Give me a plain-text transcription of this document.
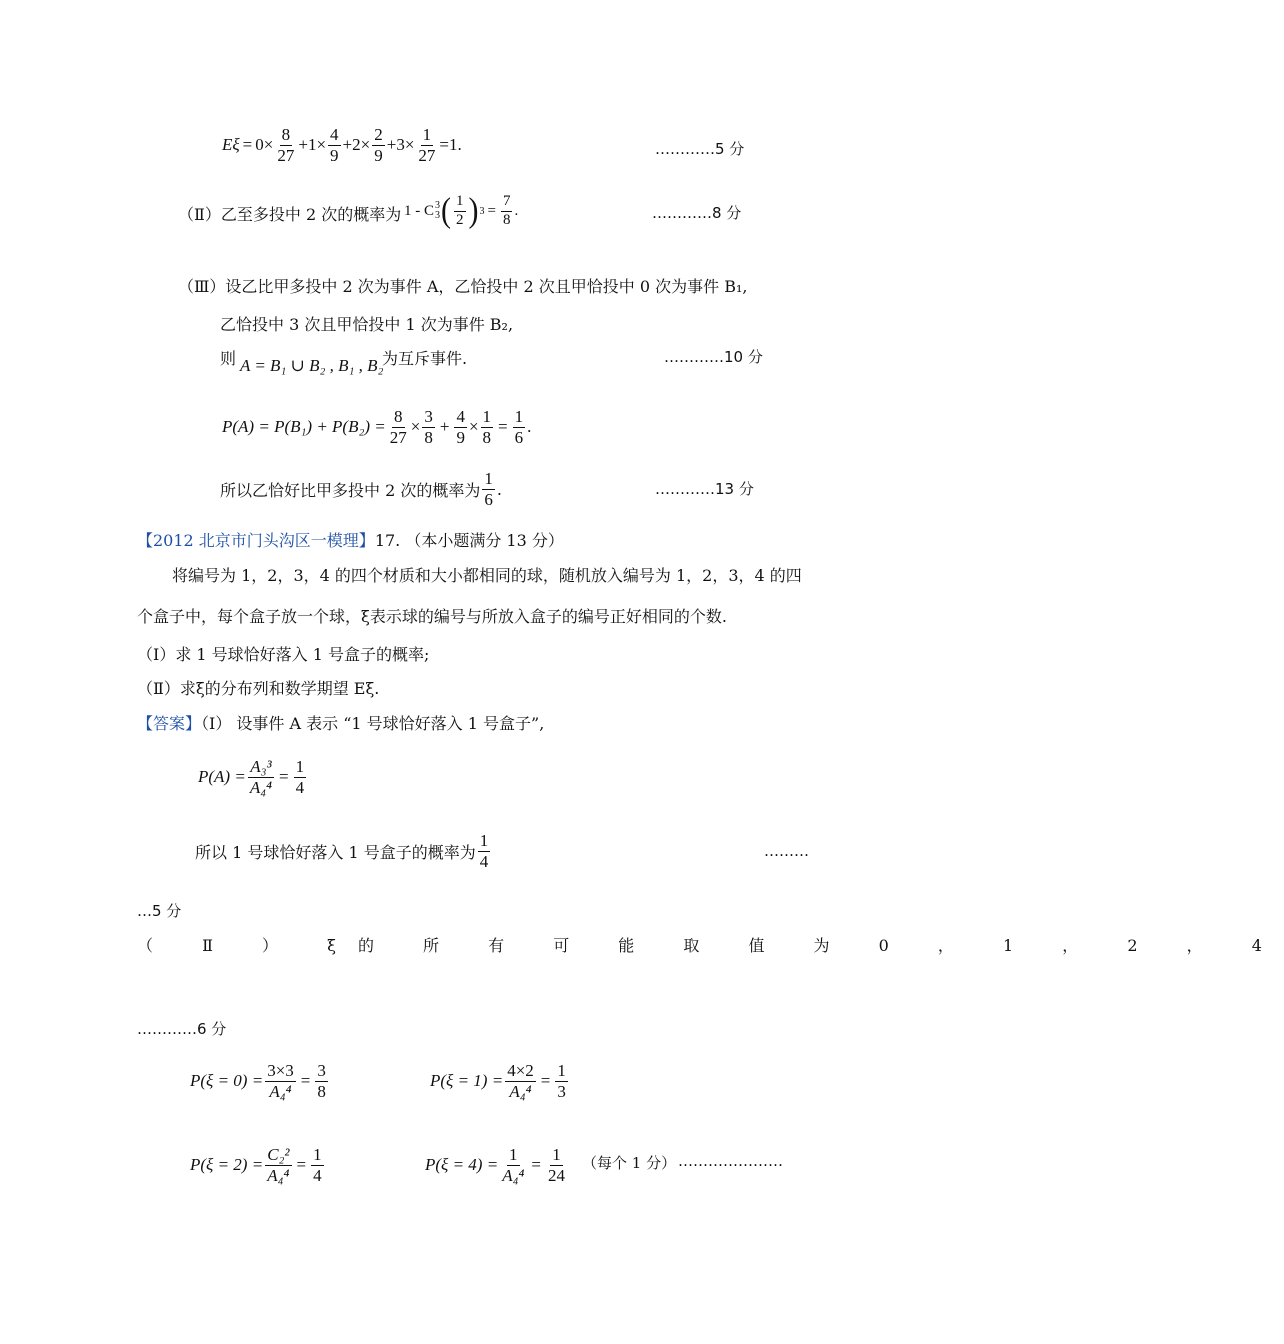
$E\xi = 0\times \frac{8}{27} +1\times \frac{4}{9} +2\times \frac{2}{9} +3\times \frac{1}{27} =1$.	…………5 分
（Ⅱ）乙至多投中 2 次的概率为 1 - C 3
3 ( $\frac{1}{2}$ ) $3 = \frac{7}{8}$ .	…………8 分
（Ⅲ）设乙比甲多投中 2 次为事件 A，乙恰投中 2 次且甲恰投中 0 次为事件 B₁,
乙恰投中 3 次且甲恰投中 1 次为事件 B₂,
则 A = B₁ ∪ B₂ , B₁ , B₂
为互斥事件.	…………10 分
$P(A) = P(B_1) + P(B_2) = \frac{8}{27} \times \frac{3}{8} + \frac{4}{9} \times \frac{1}{8} = \frac{1}{6}$ .
所以乙恰好比甲多投中 2 次的概率为 $\frac{1}{6}$ .	…………13 分
【2012 北京市门头沟区一模理】17. （本小题满分 13 分）
将编号为 1，2，3，4 的四个材质和大小都相同的球，随机放入编号为 1，2，3，4 的四
个盒子中，每个盒子放一个球，ξ表示球的编号与所放入盒子的编号正好相同的个数.
（Ⅰ）求 1 号球恰好落入 1 号盒子的概率;
（Ⅱ）求ξ的分布列和数学期望 Eξ.
【答案】（Ⅰ） 设事件 A 表示 “1 号球恰好落入 1 号盒子”,
$P(A) = \frac{\text{A₃³}}{\text{A₄⁴}} = \frac{1}{4}$
所以 1 号球恰好落入 1 号盒子的概率为 $\frac{1}{4}$	………
…5 分
（ Ⅱ ） ξ的 所 有 可 能 取 值 为 0 ， 1 ， 2 ， 4
…………6 分
$P(\xi = 0) = \frac{3\times 3}{\text{A₄⁴}} = \frac{3}{8}$	$P(\xi = 1) = \frac{4\times 2}{\text{A₄⁴}} = \frac{1}{3}$
$P(\xi = 2) = \frac{\text{C₂²}}{\text{A₄⁴}} = \frac{1}{4}$	$P(\xi = 4) = \frac{1}{\text{A₄⁴}} = \frac{1}{24}$ （每个 1 分） …………………
